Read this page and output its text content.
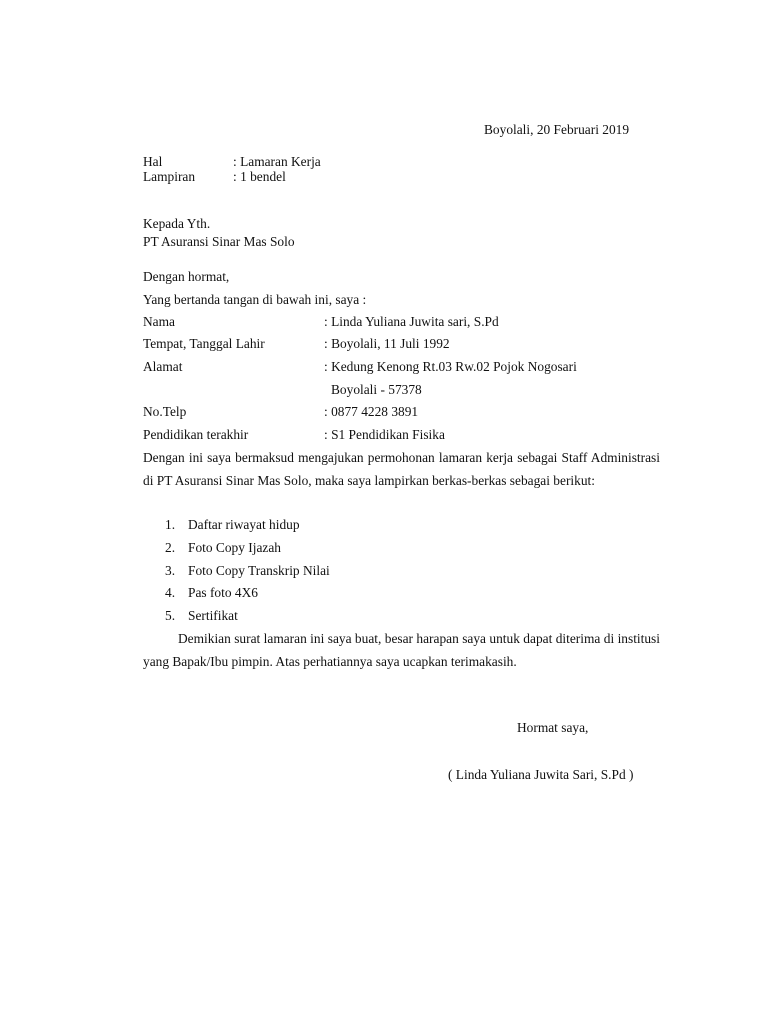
Boyolali, 20 Februari 2019
Hal	: Lamaran Kerja
Lampiran	: 1 bendel
Kepada Yth.
PT Asuransi Sinar Mas Solo
Dengan hormat,
Yang bertanda tangan di bawah ini, saya :
Nama	: Linda Yuliana Juwita sari, S.Pd
Tempat, Tanggal Lahir	: Boyolali, 11 Juli 1992
Alamat	: Kedung Kenong Rt.03 Rw.02 Pojok Nogosari
Boyolali - 57378
No.Telp	: 0877 4228 3891
Pendidikan terakhir	: S1 Pendidikan Fisika
Dengan ini saya bermaksud mengajukan permohonan lamaran kerja sebagai Staff Administrasi di PT Asuransi Sinar Mas Solo, maka saya lampirkan berkas-berkas sebagai berikut:
1. Daftar riwayat hidup
2. Foto Copy Ijazah
3. Foto Copy Transkrip Nilai
4. Pas foto 4X6
5. Sertifikat
Demikian surat lamaran ini saya buat, besar harapan saya untuk dapat diterima di institusi yang Bapak/Ibu pimpin. Atas perhatiannya saya ucapkan terimakasih.
Hormat saya,
( Linda Yuliana Juwita Sari, S.Pd )
